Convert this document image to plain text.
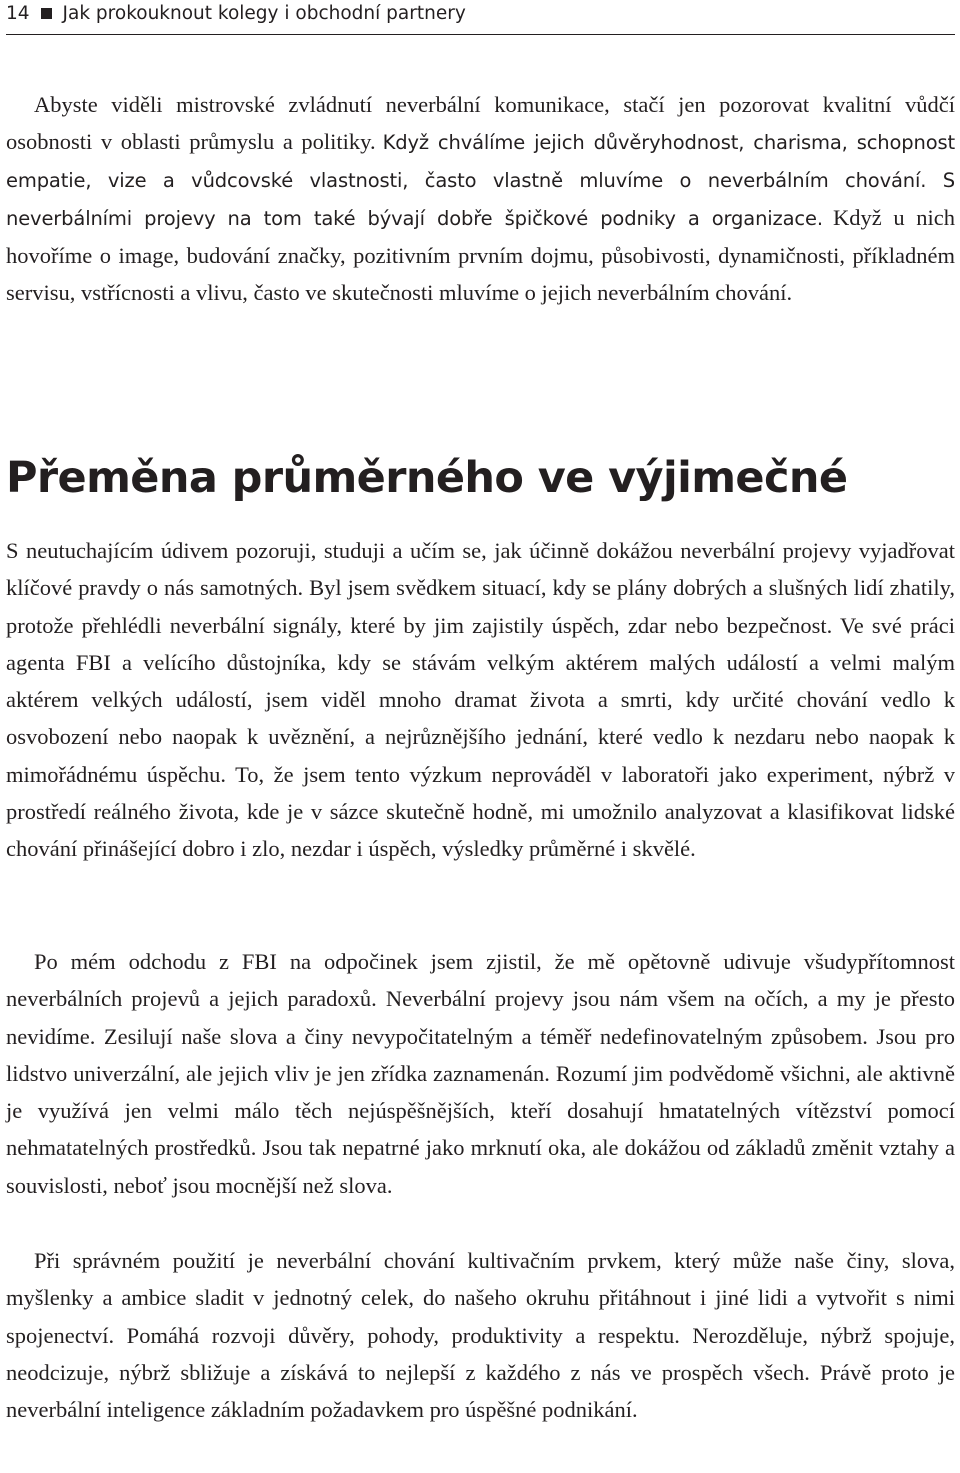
14 Jak prokouknout kolegy i obchodní partnery

Abyste viděli mistrovské zvládnutí neverbální komunikace, stačí jen pozorovat kvalitní vůdčí osobnosti v oblasti průmyslu a politiky. Když chválíme jejich důvěryhodnost, charisma, schopnost empatie, vize a vůdcovské vlastnosti, často vlastně mluvíme o neverbálním chování. S neverbálními projevy na tom také bývají dobře špičkové podniky a organizace. Když u nich hovoříme o image, budování značky, pozitivním prvním dojmu, působivosti, dynamičnosti, příkladném servisu, vstřícnosti a vlivu, často ve skutečnosti mluvíme o jejich neverbálním chování.

Přeměna průměrného ve výjimečné

S neutuchajícím údivem pozoruji, studuji a učím se, jak účinně dokážou neverbální projevy vyjadřovat klíčové pravdy o nás samotných. Byl jsem svědkem situací, kdy se plány dobrých a slušných lidí zhatily, protože přehlédli neverbální signály, které by jim zajistily úspěch, zdar nebo bezpečnost. Ve své práci agenta FBI a velícího důstojníka, kdy se stávám velkým aktérem malých událostí a velmi malým aktérem velkých událostí, jsem viděl mnoho dramat života a smrti, kdy určité chování vedlo k osvobození nebo naopak k uvěznění, a nejrůznějšího jednání, které vedlo k nezdaru nebo naopak k mimořádnému úspěchu. To, že jsem tento výzkum neprováděl v laboratoři jako experiment, nýbrž v prostředí reálného života, kde je v sázce skutečně hodně, mi umožnilo analyzovat a klasifikovat lidské chování přinášející dobro i zlo, nezdar i úspěch, výsledky průměrné i skvělé.

Po mém odchodu z FBI na odpočinek jsem zjistil, že mě opětovně udivuje všudypřítomnost neverbálních projevů a jejich paradoxů. Neverbální projevy jsou nám všem na očích, a my je přesto nevidíme. Zesilují naše slova a činy nevypočitatelným a téměř nedefinovatelným způsobem. Jsou pro lidstvo univerzální, ale jejich vliv je jen zřídka zaznamenán. Rozumí jim podvědomě všichni, ale aktivně je využívá jen velmi málo těch nejúspěšnějších, kteří dosahují hmatatelných vítězství pomocí nehmatatelných prostředků. Jsou tak nepatrné jako mrknutí oka, ale dokážou od základů změnit vztahy a souvislosti, neboť jsou mocnější než slova.

Při správném použití je neverbální chování kultivačním prvkem, který může naše činy, slova, myšlenky a ambice sladit v jednotný celek, do našeho okruhu přitáhnout i jiné lidi a vytvořit s nimi spojenectví. Pomáhá rozvoji důvěry, pohody, produktivity a respektu. Nerozděluje, nýbrž spojuje, neodcizuje, nýbrž sbližuje a získává to nejlepší z každého z nás ve prospěch všech. Právě proto je neverbální inteligence základním požadavkem pro úspěšné podnikání.
